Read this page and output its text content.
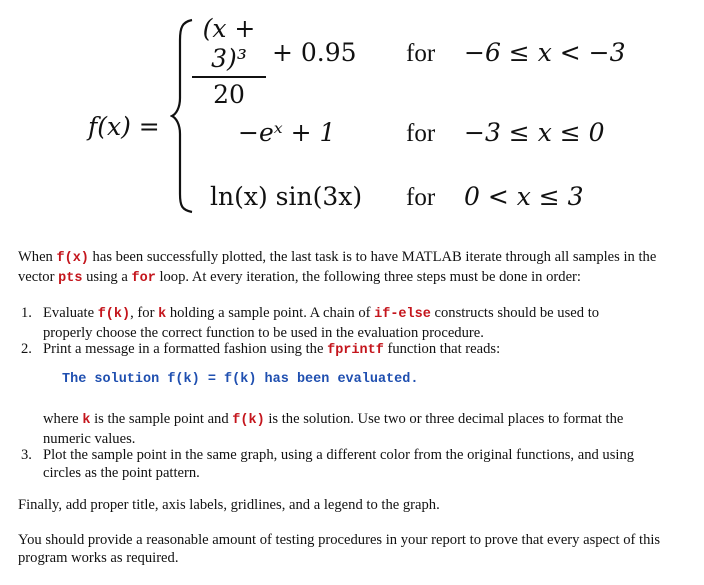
f(x) =
(x + 3)³
20
+ 0.95 for −6 ≤ x < −3
−eˣ + 1	for −3 ≤ x ≤ 0
ln(x) sin(3x) for 0 < x ≤ 3
When f(x) has been successfully plotted, the last task is to have MATLAB iterate through all samples in the
vector pts using a for loop. At every iteration, the following three steps must be done in order:
1. Evaluate f(k), for k holding a sample point. A chain of if-else constructs should be used to
properly choose the correct function to be used in the evaluation procedure.
2. Print a message in a formatted fashion using the fprintf function that reads:
The solution f(k) = f(k) has been evaluated.
where k is the sample point and f(k) is the solution. Use two or three decimal places to format the
numeric values.
3. Plot the sample point in the same graph, using a different color from the original functions, and using
circles as the point pattern.
Finally, add proper title, axis labels, gridlines, and a legend to the graph.
You should provide a reasonable amount of testing procedures in your report to prove that every aspect of this
program works as required.
